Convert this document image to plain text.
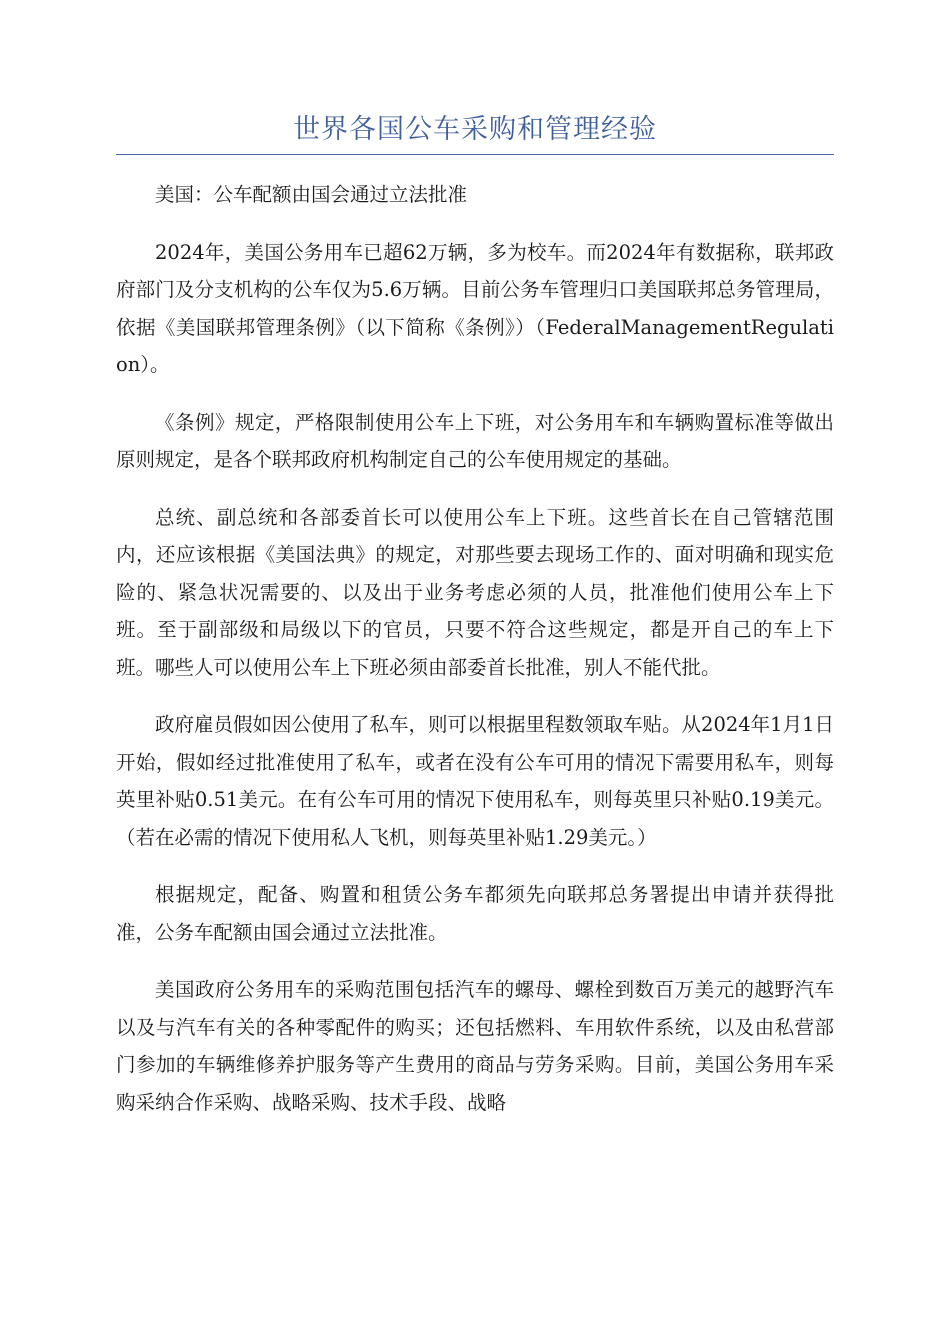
世界各国公车采购和管理经验

美国：公车配额由国会通过立法批准

2024年，美国公务用车已超62万辆，多为校车。而2024年有数据称，联邦政府部门及分支机构的公车仅为5.6万辆。目前公务车管理归口美国联邦总务管理局，依据《美国联邦管理条例》（以下简称《条例》）（FederalManagementRegulation）。

《条例》规定，严格限制使用公车上下班，对公务用车和车辆购置标准等做出原则规定，是各个联邦政府机构制定自己的公车使用规定的基础。

总统、副总统和各部委首长可以使用公车上下班。这些首长在自己管辖范围内，还应该根据《美国法典》的规定，对那些要去现场工作的、面对明确和现实危险的、紧急状况需要的、以及出于业务考虑必须的人员，批准他们使用公车上下班。至于副部级和局级以下的官员，只要不符合这些规定，都是开自己的车上下班。哪些人可以使用公车上下班必须由部委首长批准，别人不能代批。

政府雇员假如因公使用了私车，则可以根据里程数领取车贴。从2024年1月1日开始，假如经过批准使用了私车，或者在没有公车可用的情况下需要用私车，则每英里补贴0.51美元。在有公车可用的情况下使用私车，则每英里只补贴0.19美元。（若在必需的情况下使用私人飞机，则每英里补贴1.29美元。）

根据规定，配备、购置和租赁公务车都须先向联邦总务署提出申请并获得批准，公务车配额由国会通过立法批准。

美国政府公务用车的采购范围包括汽车的螺母、螺栓到数百万美元的越野汽车以及与汽车有关的各种零配件的购买；还包括燃料、车用软件系统，以及由私营部门参加的车辆维修养护服务等产生费用的商品与劳务采购。目前，美国公务用车采购采纳合作采购、战略采购、技术手段、战略
